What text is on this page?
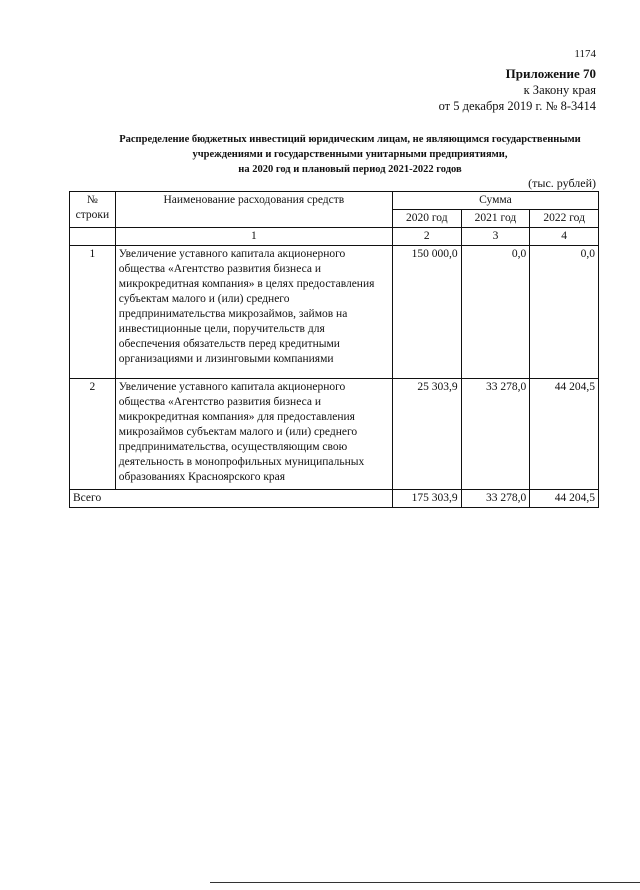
1174
Приложение 70
к Закону края
от 5 декабря 2019 г. № 8-3414
Распределение бюджетных инвестиций юридическим лицам, не являющимся государственными
учреждениями и государственными унитарными предприятиями,
на 2020 год и плановый период 2021-2022 годов
(тыс. рублей)
№
строки	Наименование расходования средств	Сумма		
		2020 год	2021 год	2022 год
	1	2	3	4
1	Увеличение уставного капитала акционерного общества «Агентство развития бизнеса и микрокредитная компания» в целях предоставления субъектам малого и (или) среднего предпринимательства микрозаймов, займов на инвестиционные цели, поручительств для обеспечения обязательств перед кредитными организациями и лизинговыми компаниями	150 000,0	0,0	0,0
2	Увеличение уставного капитала акционерного общества «Агентство развития бизнеса и микрокредитная компания» для предоставления микрозаймов субъектам малого и (или) среднего предпринимательства, осуществляющим свою деятельность в монопрофильных муниципальных образованиях Красноярского края	25 303,9	33 278,0	44 204,5
Всего		175 303,9	33 278,0	44 204,5
